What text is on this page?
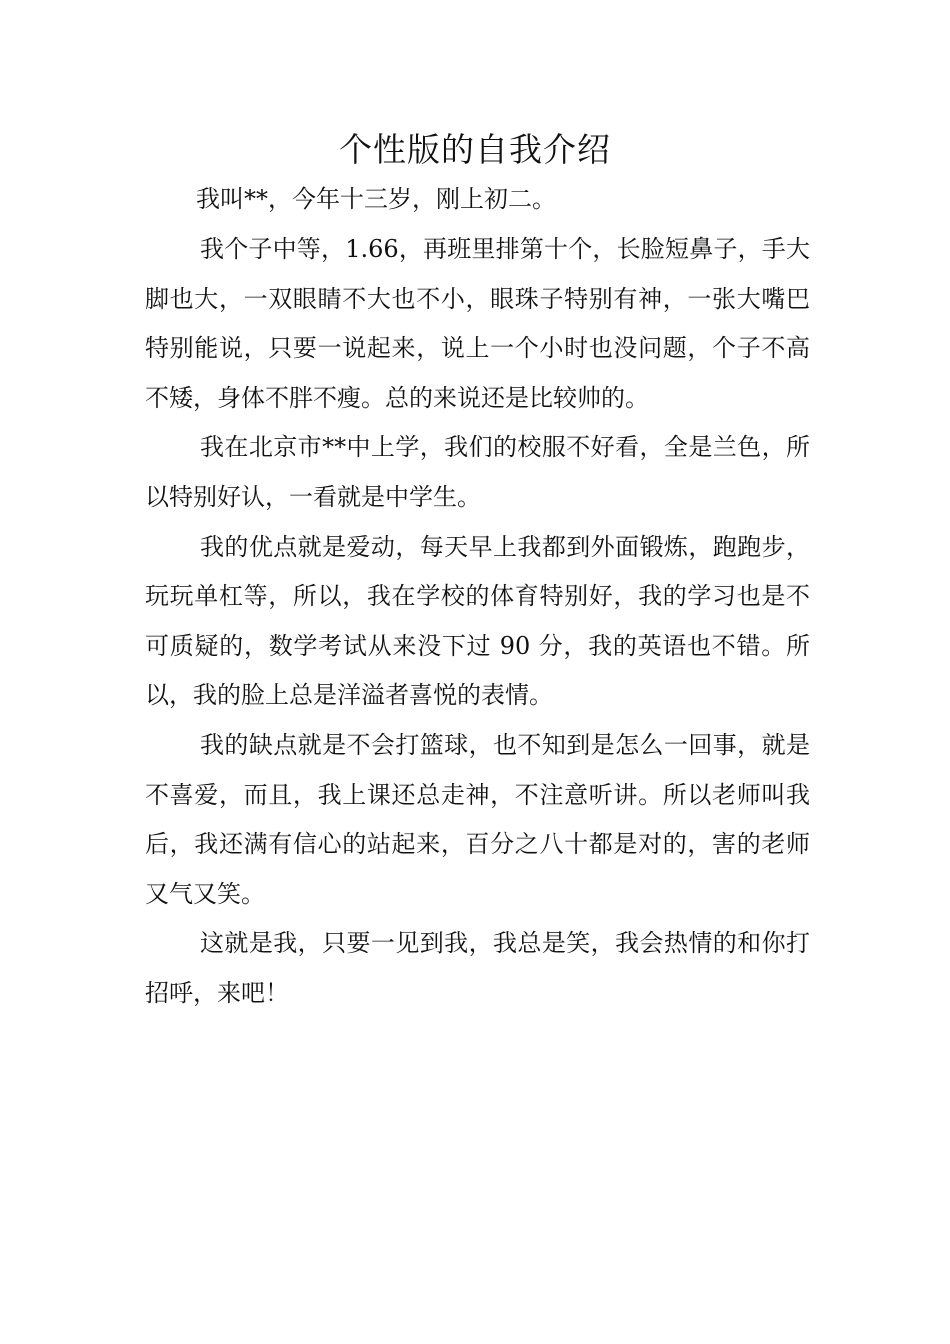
个性版的自我介绍

我叫**，今年十三岁，刚上初二。

我个子中等，1.66，再班里排第十个，长脸短鼻子，手大脚也大，一双眼睛不大也不小，眼珠子特别有神，一张大嘴巴特别能说，只要一说起来，说上一个小时也没问题，个子不高不矮，身体不胖不瘦。总的来说还是比较帅的。

我在北京市**中上学，我们的校服不好看，全是兰色，所以特别好认，一看就是中学生。

我的优点就是爱动，每天早上我都到外面锻炼，跑跑步，玩玩单杠等，所以，我在学校的体育特别好，我的学习也是不可质疑的，数学考试从来没下过 90 分，我的英语也不错。所以，我的脸上总是洋溢者喜悦的表情。

我的缺点就是不会打篮球，也不知到是怎么一回事，就是不喜爱，而且，我上课还总走神，不注意听讲。所以老师叫我后，我还满有信心的站起来，百分之八十都是对的，害的老师又气又笑。

这就是我，只要一见到我，我总是笑，我会热情的和你打招呼，来吧！
